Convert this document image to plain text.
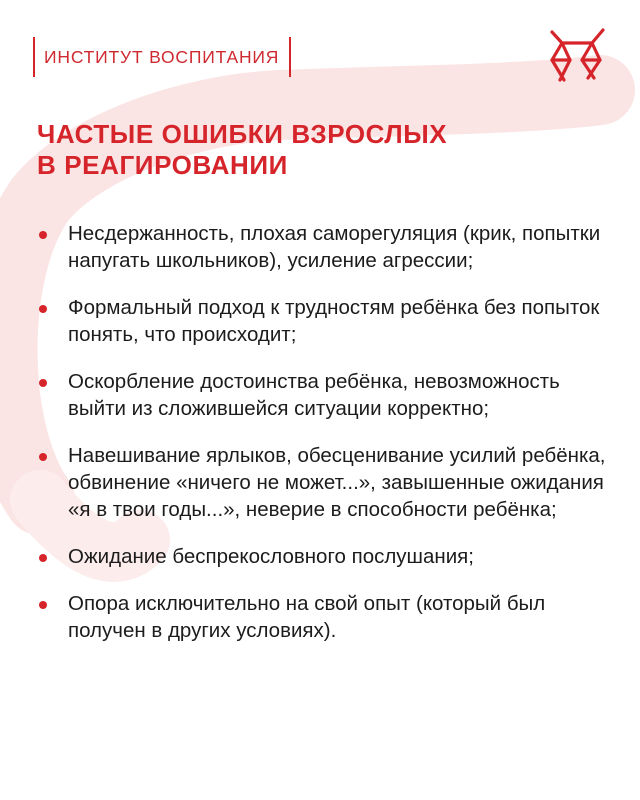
ИНСТИТУТ ВОСПИТАНИЯ
ЧАСТЫЕ ОШИБКИ ВЗРОСЛЫХ
В РЕАГИРОВАНИИ
Несдержанность, плохая саморегуляция (крик, попытки напугать школьников), усиление агрессии;
Формальный подход к трудностям ребёнка без попыток понять, что происходит;
Оскорбление достоинства ребёнка, невозможность выйти из сложившейся ситуации корректно;
Навешивание ярлыков, обесценивание усилий ребёнка, обвинение «ничего не может...», завышенные ожидания «я в твои годы...», неверие в способности ребёнка;
Ожидание беспрекословного послушания;
Опора исключительно на свой опыт (который был получен в других условиях).
